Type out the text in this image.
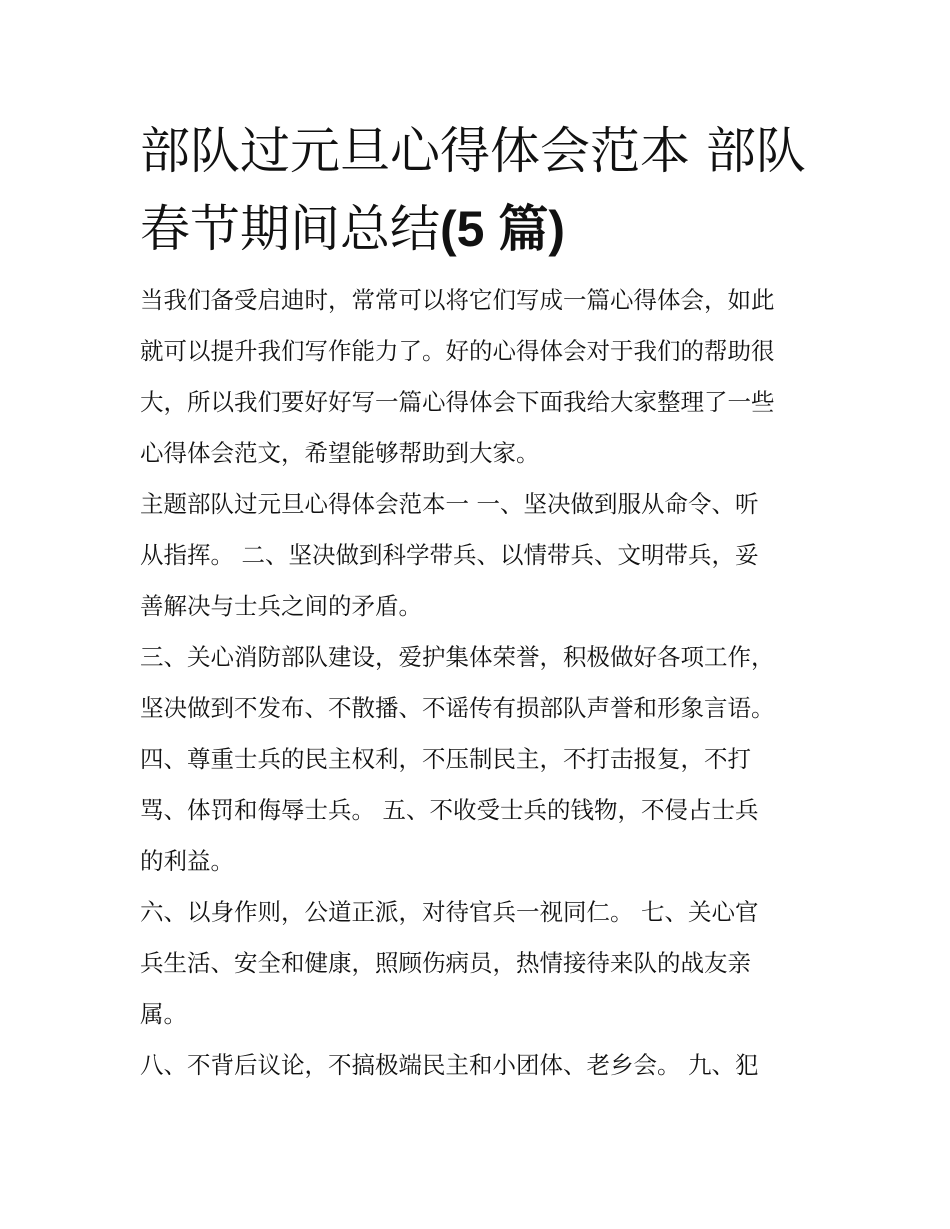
部队过元旦心得体会范本 部队
春节期间总结(5 篇)
当我们备受启迪时，常常可以将它们写成一篇心得体会，如此
就可以提升我们写作能力了。好的心得体会对于我们的帮助很
大，所以我们要好好写一篇心得体会下面我给大家整理了一些
心得体会范文，希望能够帮助到大家。
主题部队过元旦心得体会范本一 一、坚决做到服从命令、听
从指挥。 二、坚决做到科学带兵、以情带兵、文明带兵，妥
善解决与士兵之间的矛盾。
三、关心消防部队建设，爱护集体荣誉，积极做好各项工作，
坚决做到不发布、不散播、不谣传有损部队声誉和形象言语。
四、尊重士兵的民主权利，不压制民主，不打击报复，不打
骂、体罚和侮辱士兵。 五、不收受士兵的钱物，不侵占士兵
的利益。
六、以身作则，公道正派，对待官兵一视同仁。 七、关心官
兵生活、安全和健康，照顾伤病员，热情接待来队的战友亲
属。
八、不背后议论，不搞极端民主和小团体、老乡会。 九、犯
